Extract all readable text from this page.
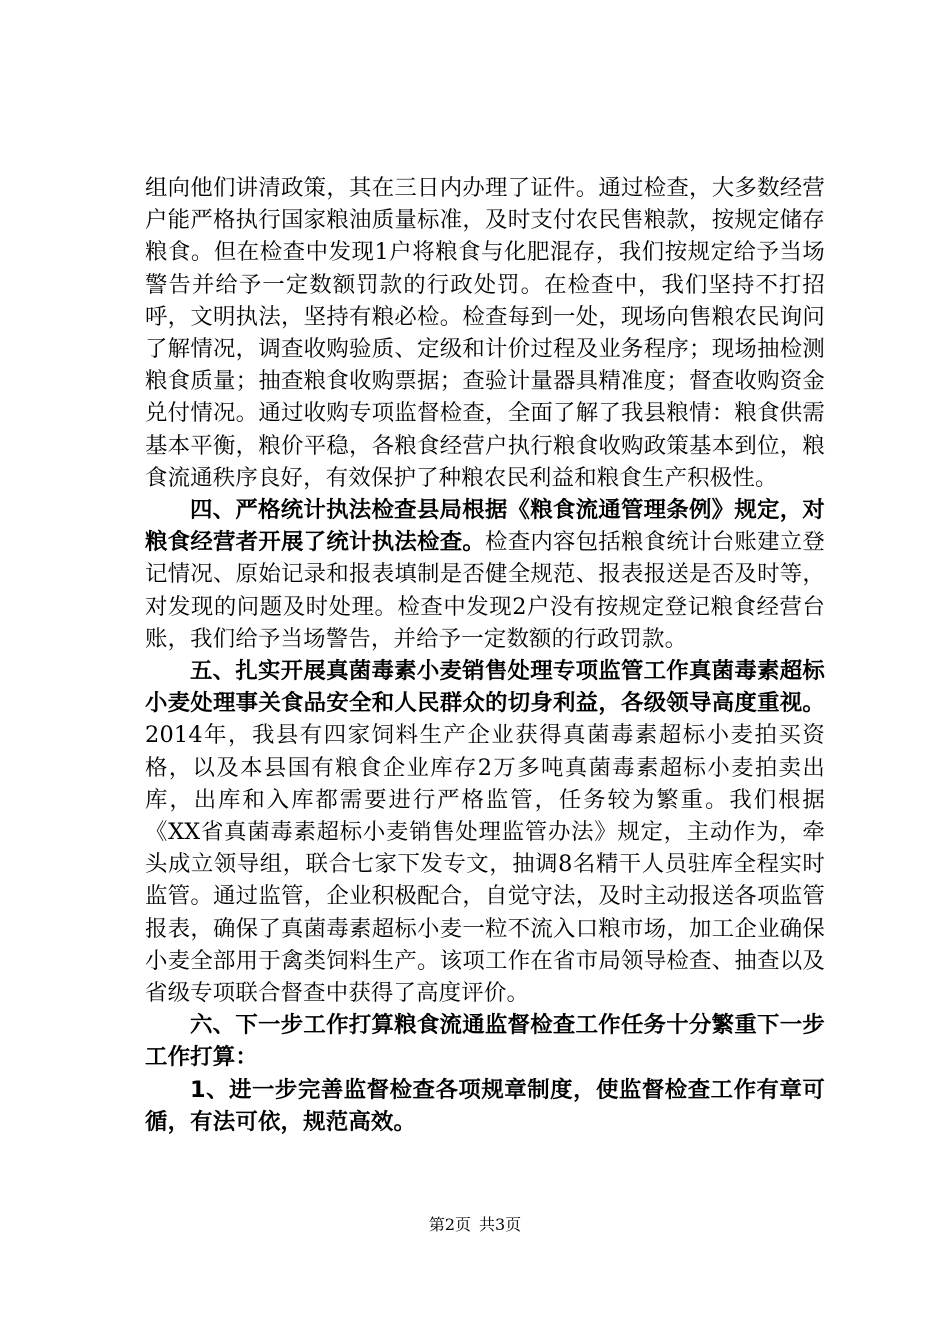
组向他们讲清政策，其在三日内办理了证件。通过检查，大多数经营户能严格执行国家粮油质量标准，及时支付农民售粮款，按规定储存粮食。但在检查中发现1户将粮食与化肥混存，我们按规定给予当场警告并给予一定数额罚款的行政处罚。在检查中，我们坚持不打招呼，文明执法，坚持有粮必检。检查每到一处，现场向售粮农民询问了解情况，调查收购验质、定级和计价过程及业务程序；现场抽检测粮食质量；抽查粮食收购票据；查验计量器具精准度；督查收购资金兑付情况。通过收购专项监督检查，全面了解了我县粮情：粮食供需基本平衡，粮价平稳，各粮食经营户执行粮食收购政策基本到位，粮食流通秩序良好，有效保护了种粮农民利益和粮食生产积极性。

四、严格统计执法检查县局根据《粮食流通管理条例》规定，对粮食经营者开展了统计执法检查。检查内容包括粮食统计台账建立登记情况、原始记录和报表填制是否健全规范、报表报送是否及时等，对发现的问题及时处理。检查中发现2户没有按规定登记粮食经营台账，我们给予当场警告，并给予一定数额的行政罚款。

五、扎实开展真菌毒素小麦销售处理专项监管工作真菌毒素超标小麦处理事关食品安全和人民群众的切身利益，各级领导高度重视。2014年，我县有四家饲料生产企业获得真菌毒素超标小麦拍买资格，以及本县国有粮食企业库存2万多吨真菌毒素超标小麦拍卖出库，出库和入库都需要进行严格监管，任务较为繁重。我们根据《XX省真菌毒素超标小麦销售处理监管办法》规定，主动作为，牵头成立领导组，联合七家下发专文，抽调8名精干人员驻库全程实时监管。通过监管，企业积极配合，自觉守法，及时主动报送各项监管报表，确保了真菌毒素超标小麦一粒不流入口粮市场，加工企业确保小麦全部用于禽类饲料生产。该项工作在省市局领导检查、抽查以及省级专项联合督查中获得了高度评价。

六、下一步工作打算粮食流通监督检查工作任务十分繁重下一步工作打算：

1、进一步完善监督检查各项规章制度，使监督检查工作有章可循，有法可依，规范高效。

第2页 共3页
